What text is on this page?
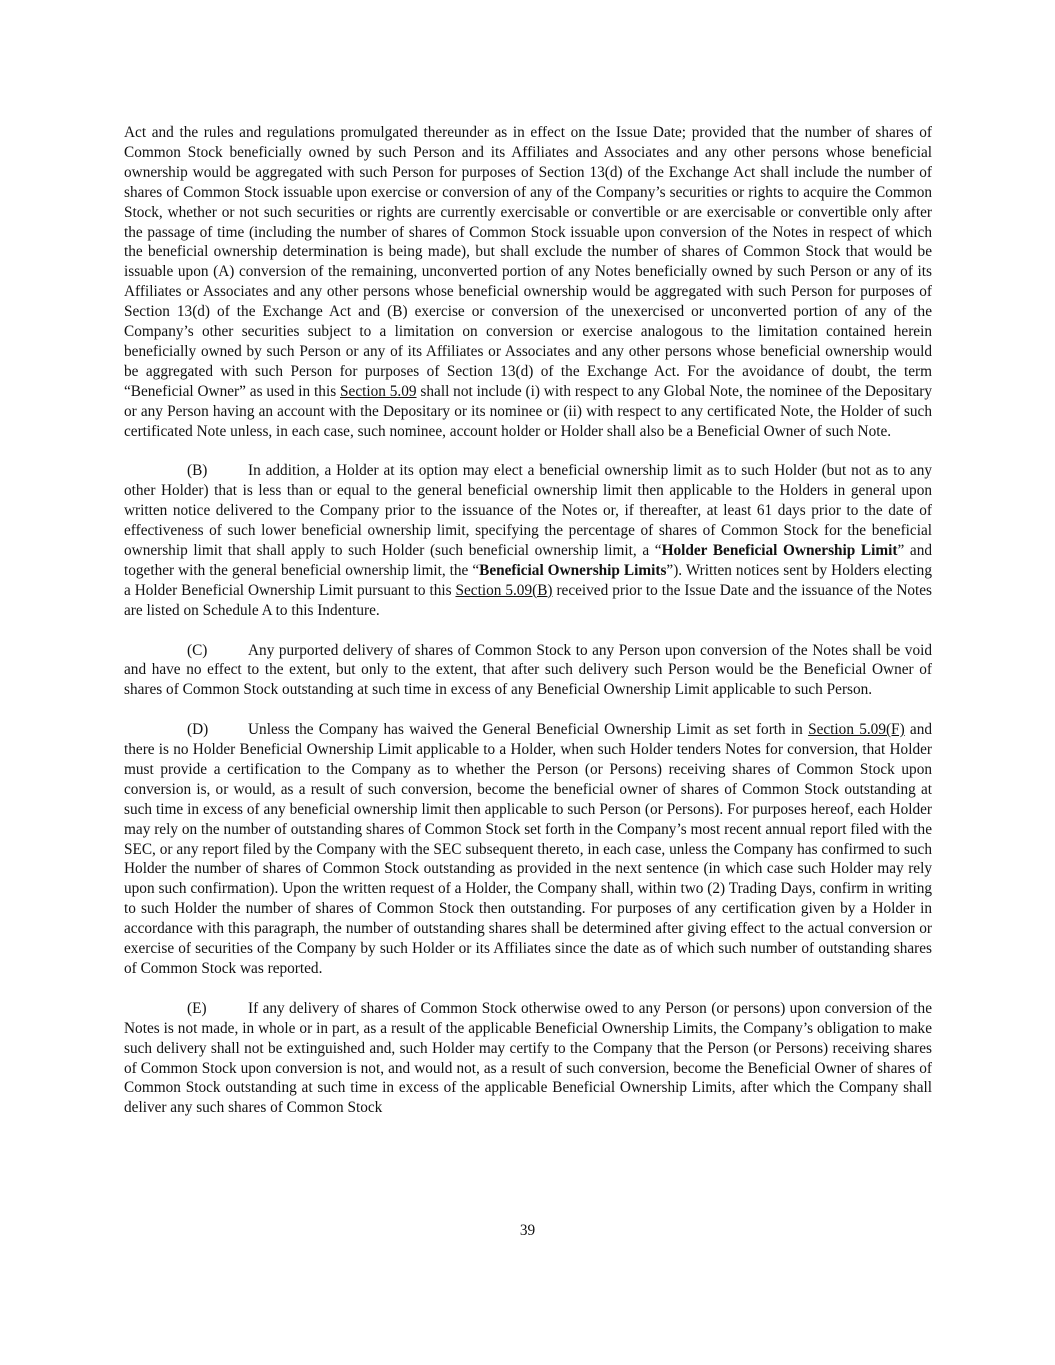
Act and the rules and regulations promulgated thereunder as in effect on the Issue Date; provided that the number of shares of Common Stock beneficially owned by such Person and its Affiliates and Associates and any other persons whose beneficial ownership would be aggregated with such Person for purposes of Section 13(d) of the Exchange Act shall include the number of shares of Common Stock issuable upon exercise or conversion of any of the Company’s securities or rights to acquire the Common Stock, whether or not such securities or rights are currently exercisable or convertible or are exercisable or convertible only after the passage of time (including the number of shares of Common Stock issuable upon conversion of the Notes in respect of which the beneficial ownership determination is being made), but shall exclude the number of shares of Common Stock that would be issuable upon (A) conversion of the remaining, unconverted portion of any Notes beneficially owned by such Person or any of its Affiliates or Associates and any other persons whose beneficial ownership would be aggregated with such Person for purposes of Section 13(d) of the Exchange Act and (B) exercise or conversion of the unexercised or unconverted portion of any of the Company’s other securities subject to a limitation on conversion or exercise analogous to the limitation contained herein beneficially owned by such Person or any of its Affiliates or Associates and any other persons whose beneficial ownership would be aggregated with such Person for purposes of Section 13(d) of the Exchange Act. For the avoidance of doubt, the term “Beneficial Owner” as used in this Section 5.09 shall not include (i) with respect to any Global Note, the nominee of the Depositary or any Person having an account with the Depositary or its nominee or (ii) with respect to any certificated Note, the Holder of such certificated Note unless, in each case, such nominee, account holder or Holder shall also be a Beneficial Owner of such Note.

(B)	In addition, a Holder at its option may elect a beneficial ownership limit as to such Holder (but not as to any other Holder) that is less than or equal to the general beneficial ownership limit then applicable to the Holders in general upon written notice delivered to the Company prior to the issuance of the Notes or, if thereafter, at least 61 days prior to the date of effectiveness of such lower beneficial ownership limit, specifying the percentage of shares of Common Stock for the beneficial ownership limit that shall apply to such Holder (such beneficial ownership limit, a “Holder Beneficial Ownership Limit” and together with the general beneficial ownership limit, the “Beneficial Ownership Limits”). Written notices sent by Holders electing a Holder Beneficial Ownership Limit pursuant to this Section 5.09(B) received prior to the Issue Date and the issuance of the Notes are listed on Schedule A to this Indenture.

(C)	Any purported delivery of shares of Common Stock to any Person upon conversion of the Notes shall be void and have no effect to the extent, but only to the extent, that after such delivery such Person would be the Beneficial Owner of shares of Common Stock outstanding at such time in excess of any Beneficial Ownership Limit applicable to such Person.

(D)	Unless the Company has waived the General Beneficial Ownership Limit as set forth in Section 5.09(F) and there is no Holder Beneficial Ownership Limit applicable to a Holder, when such Holder tenders Notes for conversion, that Holder must provide a certification to the Company as to whether the Person (or Persons) receiving shares of Common Stock upon conversion is, or would, as a result of such conversion, become the beneficial owner of shares of Common Stock outstanding at such time in excess of any beneficial ownership limit then applicable to such Person (or Persons). For purposes hereof, each Holder may rely on the number of outstanding shares of Common Stock set forth in the Company’s most recent annual report filed with the SEC, or any report filed by the Company with the SEC subsequent thereto, in each case, unless the Company has confirmed to such Holder the number of shares of Common Stock outstanding as provided in the next sentence (in which case such Holder may rely upon such confirmation). Upon the written request of a Holder, the Company shall, within two (2) Trading Days, confirm in writing to such Holder the number of shares of Common Stock then outstanding. For purposes of any certification given by a Holder in accordance with this paragraph, the number of outstanding shares shall be determined after giving effect to the actual conversion or exercise of securities of the Company by such Holder or its Affiliates since the date as of which such number of outstanding shares of Common Stock was reported.

(E)	If any delivery of shares of Common Stock otherwise owed to any Person (or persons) upon conversion of the Notes is not made, in whole or in part, as a result of the applicable Beneficial Ownership Limits, the Company’s obligation to make such delivery shall not be extinguished and, such Holder may certify to the Company that the Person (or Persons) receiving shares of Common Stock upon conversion is not, and would not, as a result of such conversion, become the Beneficial Owner of shares of Common Stock outstanding at such time in excess of the applicable Beneficial Ownership Limits, after which the Company shall deliver any such shares of Common Stock

39
